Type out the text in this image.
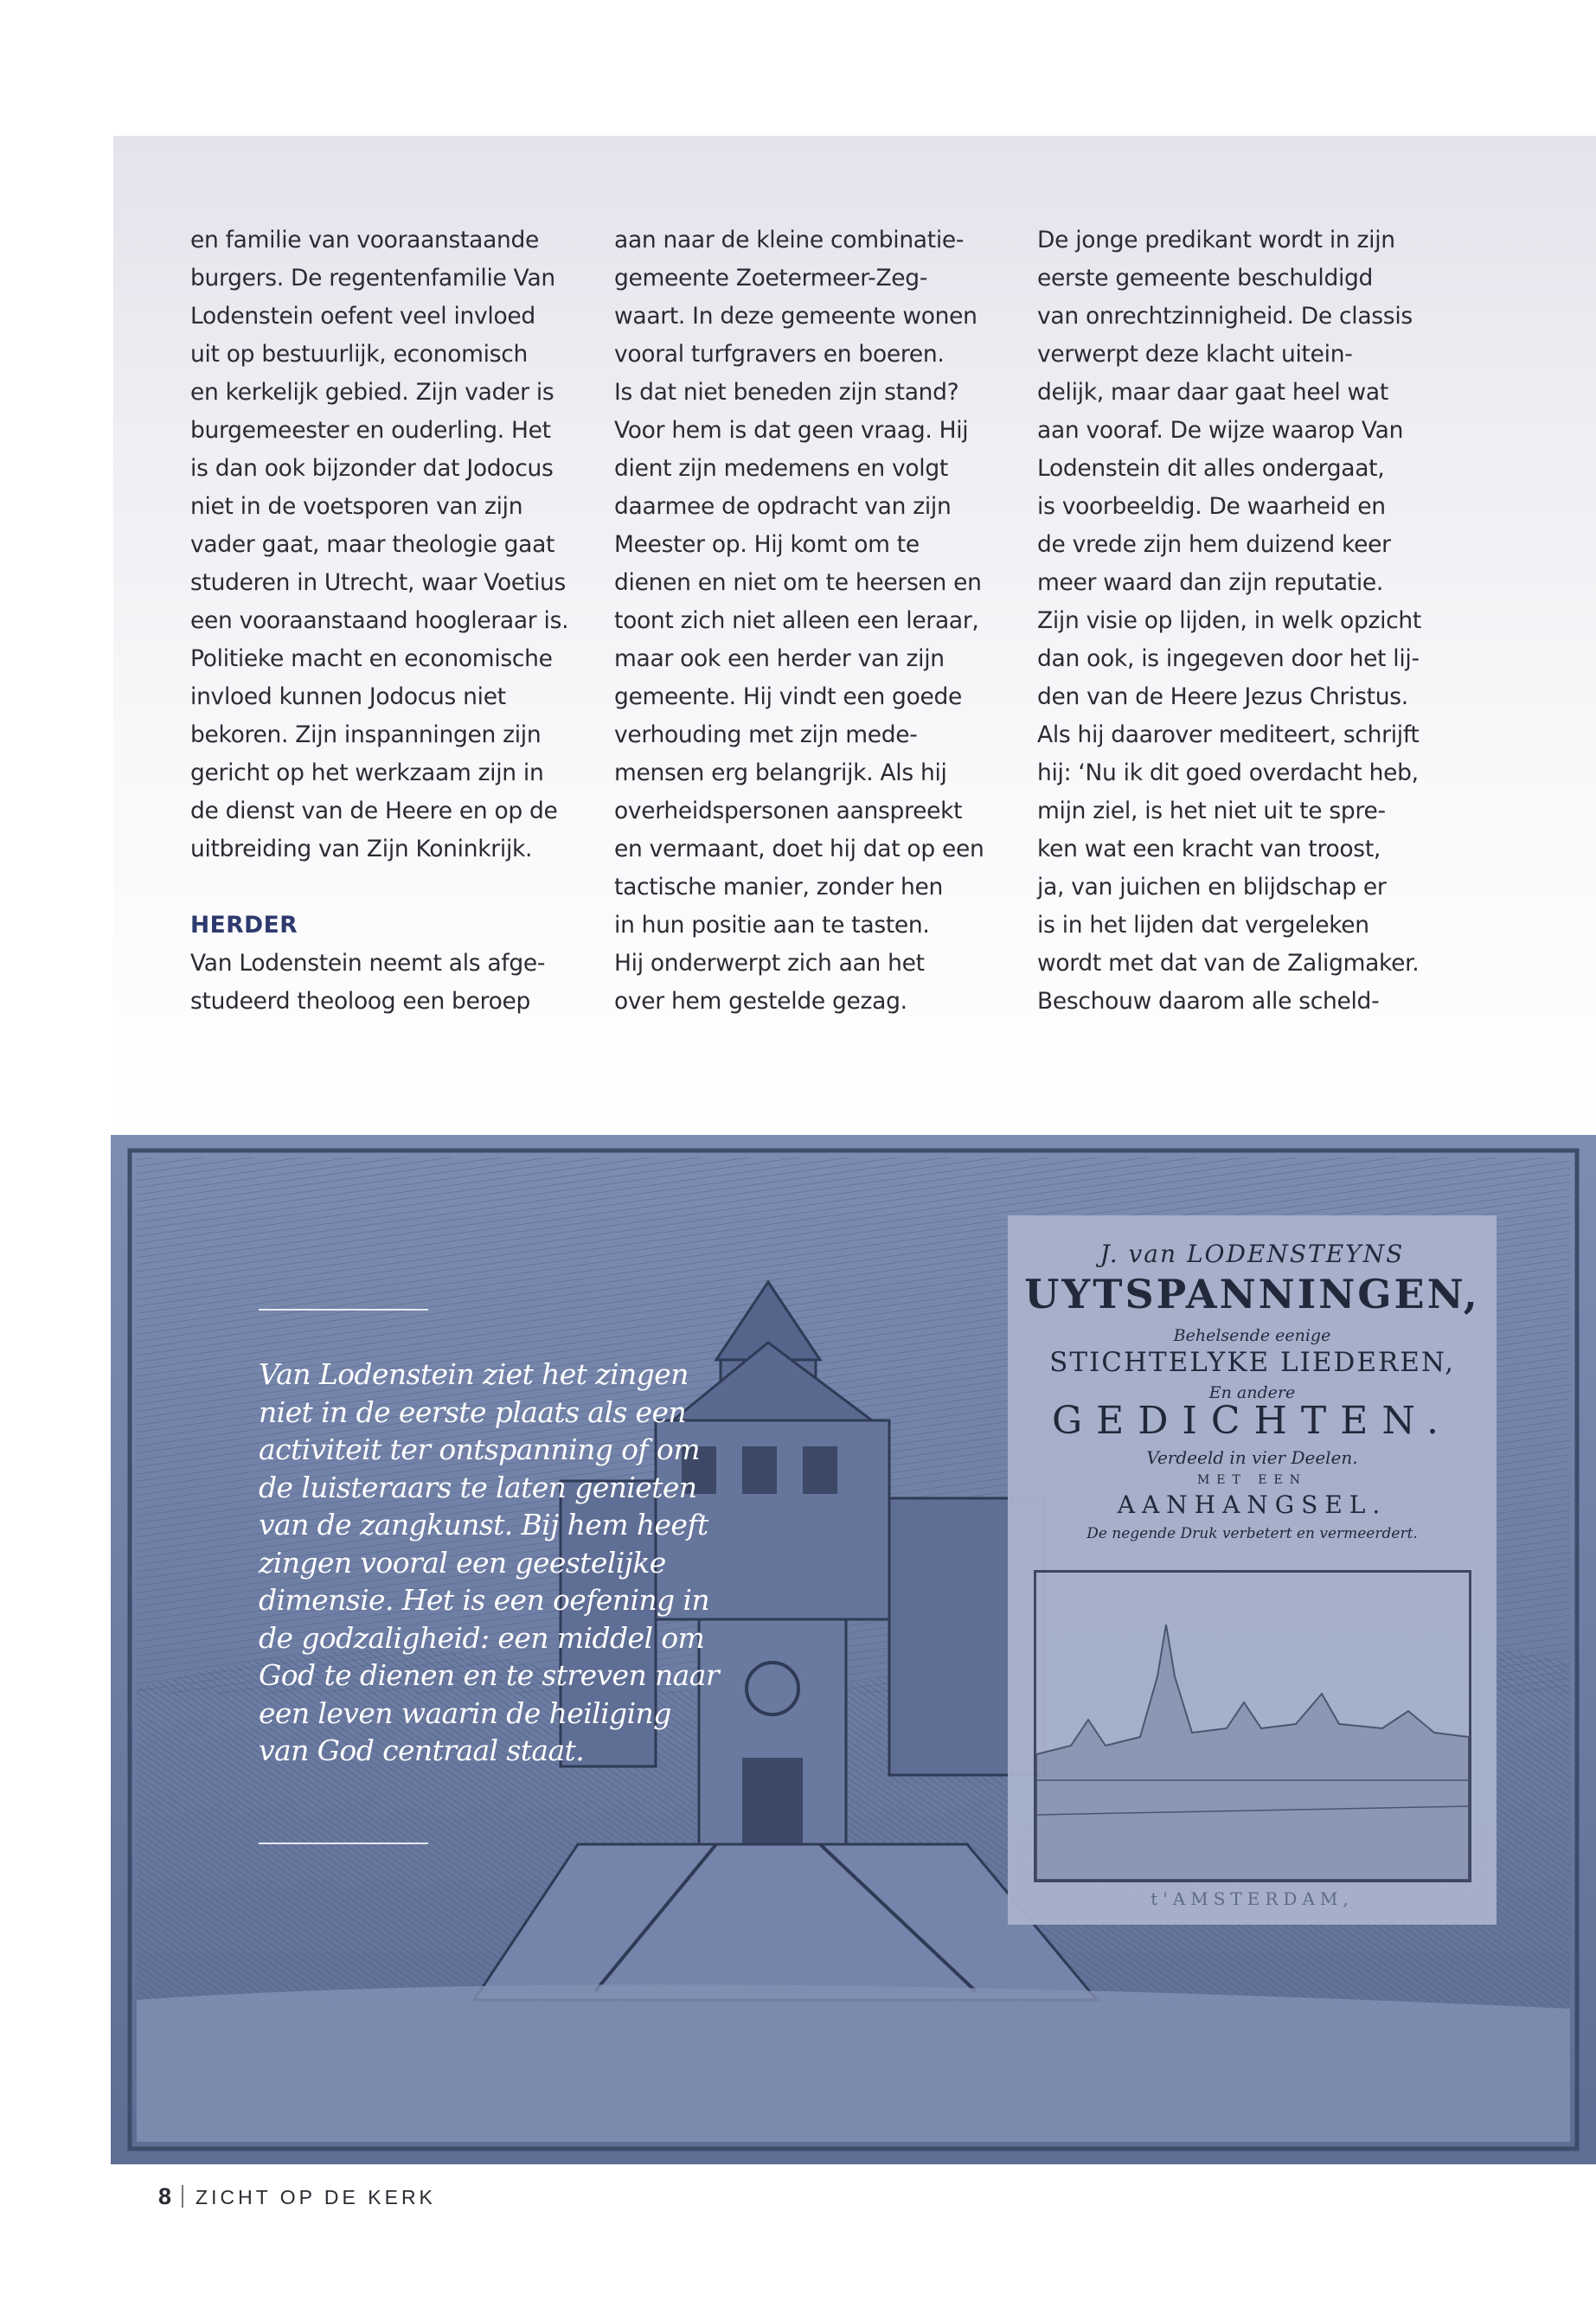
en familie van vooraanstaande
burgers. De regentenfamilie Van
Lodenstein oefent veel invloed
uit op bestuurlijk, economisch
en kerkelijk gebied. Zijn vader is
burgemeester en ouderling. Het
is dan ook bijzonder dat Jodocus
niet in de voetsporen van zijn
vader gaat, maar theologie gaat
studeren in Utrecht, waar Voetius
een vooraanstaand hoogleraar is.
Politieke macht en economische
invloed kunnen Jodocus niet
bekoren. Zijn inspanningen zijn
gericht op het werkzaam zijn in
de dienst van de Heere en op de
uitbreiding van Zijn Koninkrijk.
HERDER
Van Lodenstein neemt als afge-
studeerd theoloog een beroep
aan naar de kleine combinatie-
gemeente Zoetermeer-Zeg-
waart. In deze gemeente wonen
vooral turfgravers en boeren.
Is dat niet beneden zijn stand?
Voor hem is dat geen vraag. Hij
dient zijn medemens en volgt
daarmee de opdracht van zijn
Meester op. Hij komt om te
dienen en niet om te heersen en
toont zich niet alleen een leraar,
maar ook een herder van zijn
gemeente. Hij vindt een goede
verhouding met zijn mede-
mensen erg belangrijk. Als hij
overheidspersonen aanspreekt
en vermaant, doet hij dat op een
tactische manier, zonder hen
in hun positie aan te tasten.
Hij onderwerpt zich aan het
over hem gestelde gezag.
De jonge predikant wordt in zijn
eerste gemeente beschuldigd
van onrechtzinnigheid. De classis
verwerpt deze klacht uitein-
delijk, maar daar gaat heel wat
aan vooraf. De wijze waarop Van
Lodenstein dit alles ondergaat,
is voorbeeldig. De waarheid en
de vrede zijn hem duizend keer
meer waard dan zijn reputatie.
Zijn visie op lijden, in welk opzicht
dan ook, is ingegeven door het lij-
den van de Heere Jezus Christus.
Als hij daarover mediteert, schrijft
hij: ‘Nu ik dit goed overdacht heb,
mijn ziel, is het niet uit te spre-
ken wat een kracht van troost,
ja, van juichen en blijdschap er
is in het lijden dat vergeleken
wordt met dat van de Zaligmaker.
Beschouw daarom alle scheld-

Van Lodenstein ziet het zingen
niet in de eerste plaats als een
activiteit ter ontspanning of om
de luisteraars te laten genieten
van de zangkunst. Bij hem heeft
zingen vooral een geestelijke
dimensie. Het is een oefening in
de godzaligheid: een middel om
God te dienen en te streven naar
een leven waarin de heiliging
van God centraal staat.

J. van LODENSTEYNS
UYTSPANNINGEN,
Behelsende eenige
STICHTELYKE LIEDEREN,
En andere
GEDICHTEN.
Verdeeld in vier Deelen.
MET EEN
AANHANGSEL.
De negende Druk verbetert en vermeerdert.
t'AMSTERDAM,
8 ZICHT OP DE KERK
